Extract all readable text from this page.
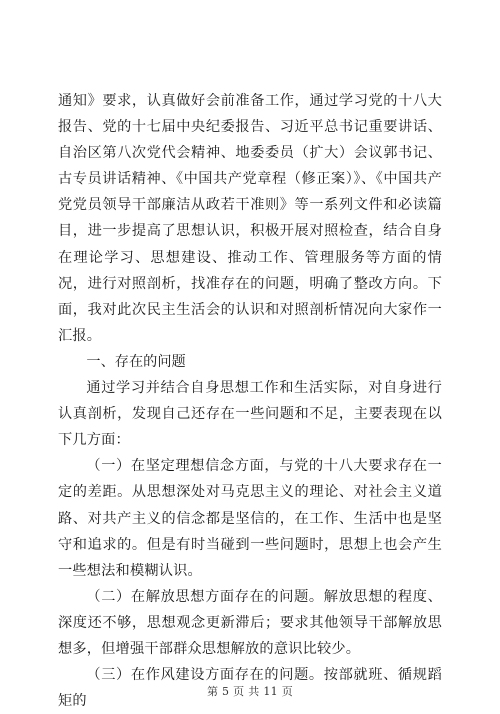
通知》要求，认真做好会前准备工作，通过学习党的十八大报告、党的十七届中央纪委报告、习近平总书记重要讲话、自治区第八次党代会精神、地委委员（扩大）会议郭书记、古专员讲话精神、《中国共产党章程（修正案）》、《中国共产党党员领导干部廉洁从政若干准则》等一系列文件和必读篇目，进一步提高了思想认识，积极开展对照检查，结合自身在理论学习、思想建设、推动工作、管理服务等方面的情况，进行对照剖析，找准存在的问题，明确了整改方向。下面，我对此次民主生活会的认识和对照剖析情况向大家作一汇报。

一、存在的问题

通过学习并结合自身思想工作和生活实际，对自身进行认真剖析，发现自己还存在一些问题和不足，主要表现在以下几方面：

（一）在坚定理想信念方面，与党的十八大要求存在一定的差距。从思想深处对马克思主义的理论、对社会主义道路、对共产主义的信念都是坚信的，在工作、生活中也是坚守和追求的。但是有时当碰到一些问题时，思想上也会产生一些想法和模糊认识。

（二）在解放思想方面存在的问题。解放思想的程度、深度还不够，思想观念更新滞后；要求其他领导干部解放思想多，但增强干部群众思想解放的意识比较少。

（三）在作风建设方面存在的问题。按部就班、循规蹈矩的

第 5 页 共 11 页
